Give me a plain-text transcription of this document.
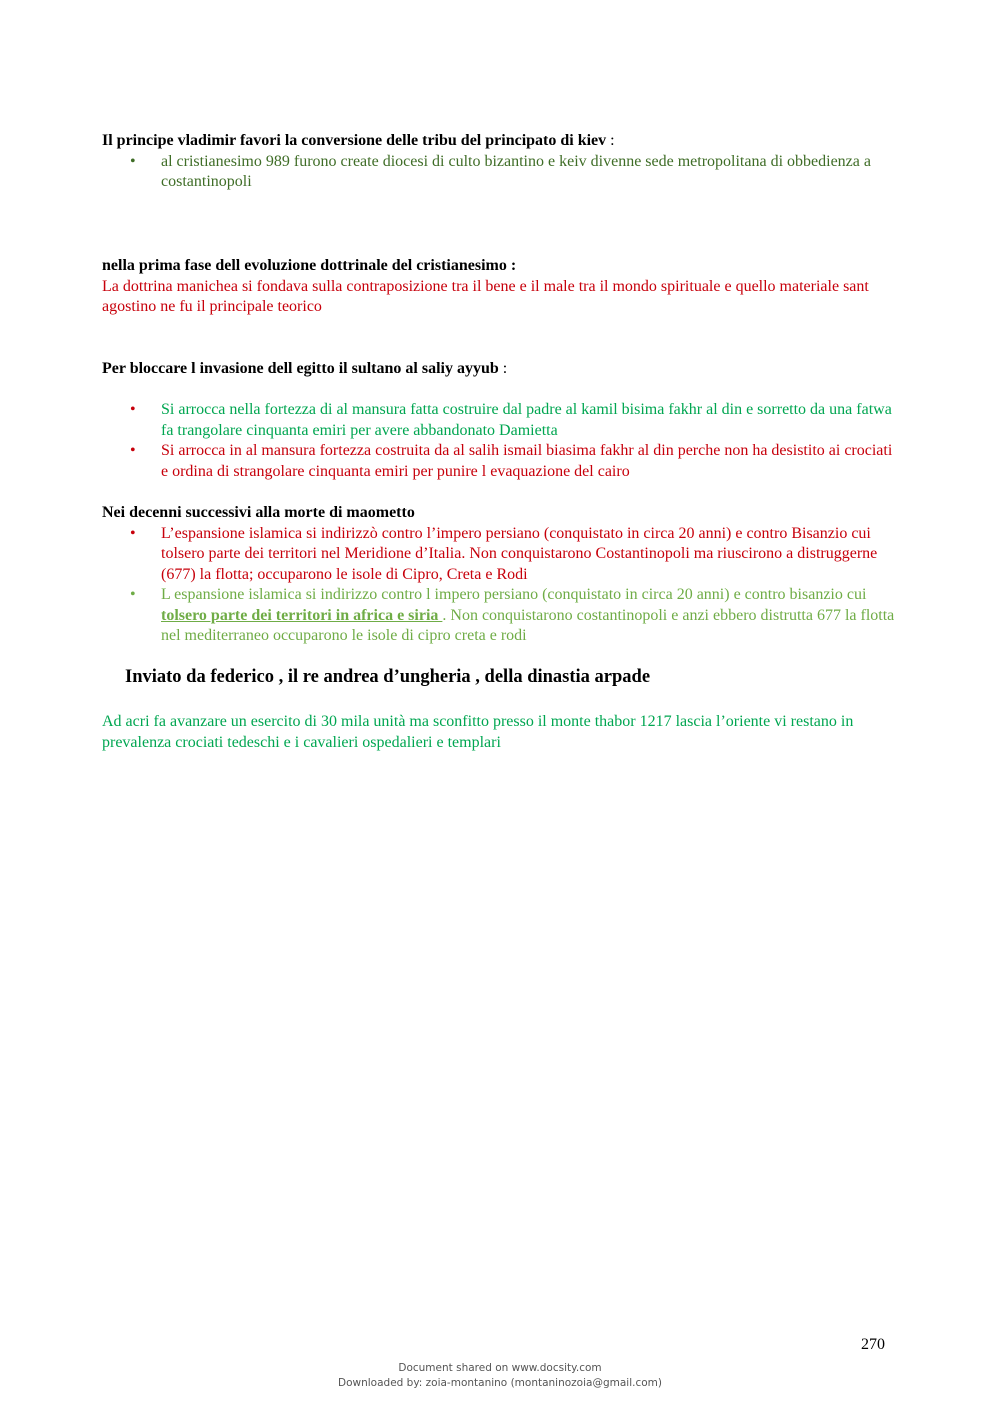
Il principe vladimir favori la conversione delle tribu del principato di kiev :
• al cristianesimo 989 furono create diocesi di culto bizantino e keiv divenne sede metropolitana di obbedienza a costantinopoli
nella prima fase dell evoluzione dottrinale del cristianesimo :
La dottrina manichea si fondava sulla contraposizione tra il bene e il male tra il mondo spirituale e quello materiale sant agostino ne fu il principale teorico
Per bloccare l invasione dell egitto il sultano al saliy ayyub :
• Si arrocca nella fortezza di al mansura fatta costruire dal padre al kamil bisima fakhr al din e sorretto da una fatwa fa trangolare cinquanta emiri per avere abbandonato Damietta
• Si arrocca in al mansura fortezza costruita da al salih ismail biasima fakhr al din perche non ha desistito ai crociati e ordina di strangolare cinquanta emiri per punire l evaquazione del cairo
Nei decenni successivi alla morte di maometto
• L’espansione islamica si indirizzò contro l’impero persiano (conquistato in circa 20 anni) e contro Bisanzio cui tolsero parte dei territori nel Meridione d’Italia. Non conquistarono Costantinopoli ma riuscirono a distruggerne (677) la flotta; occuparono le isole di Cipro, Creta e Rodi
• L espansione islamica si indirizzo contro l impero persiano (conquistato in circa 20 anni) e contro bisanzio cui tolsero parte dei territori in africa e siria . Non conquistarono costantinopoli e anzi ebbero distrutta 677 la flotta nel mediterraneo occuparono le isole di cipro creta e rodi
Inviato da federico , il re andrea d’ungheria , della dinastia arpade
Ad acri fa avanzare un esercito di 30 mila unità ma sconfitto presso il monte thabor 1217 lascia l’oriente vi restano in prevalenza crociati tedeschi e i cavalieri ospedalieri e templari
270
Document shared on www.docsity.com
Downloaded by: zoia-montanino (montaninozoia@gmail.com)
